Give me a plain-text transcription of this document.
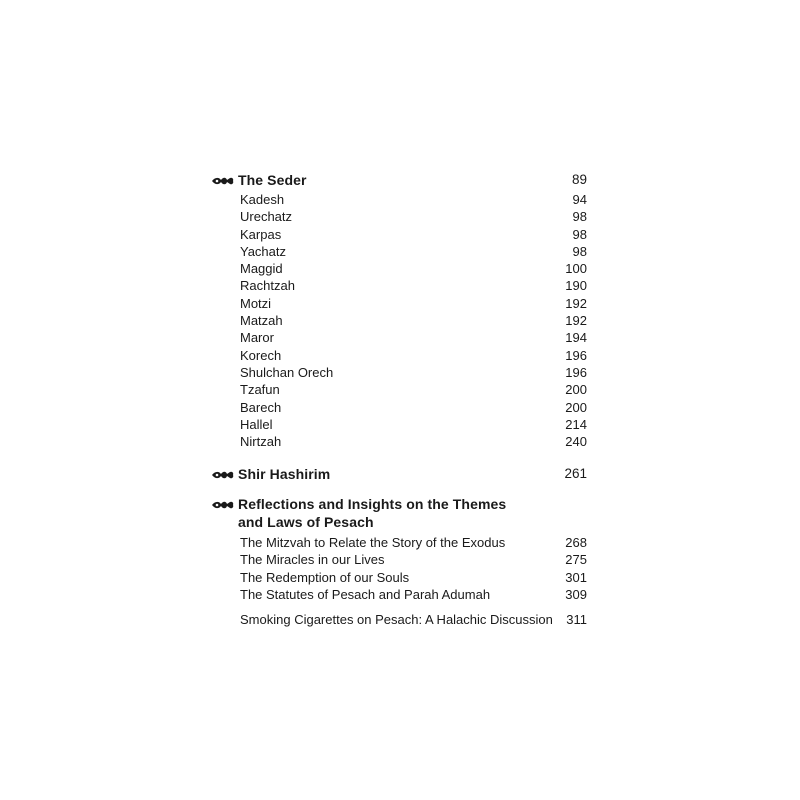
The Seder	89
Kadesh	94
Urechatz	98
Karpas	98
Yachatz	98
Maggid	100
Rachtzah	190
Motzi	192
Matzah	192
Maror	194
Korech	196
Shulchan Orech	196
Tzafun	200
Barech	200
Hallel	214
Nirtzah	240
Shir Hashirim	261
Reflections and Insights on the Themes
and Laws of Pesach
The Mitzvah to Relate the Story of the Exodus	268
The Miracles in our Lives	275
The Redemption of our Souls	301
The Statutes of Pesach and Parah Adumah	309
Smoking Cigarettes on Pesach: A Halachic Discussion 311
